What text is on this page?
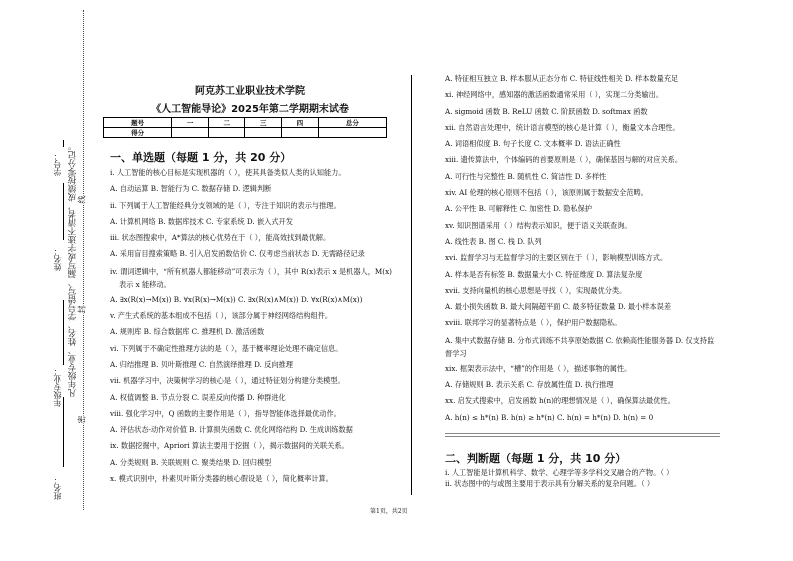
密
封
线
凡年级专业、姓名、学号错写、漏写或字迹不清者，成绩按零分记。
学号：
姓名：
年级专业：
班名：
阿克苏工业职业技术学院
《人工智能导论》2025年第二学期期末试卷
题号	一	二	三	四	总分
得分					
一、单选题（每题 1 分，共 20 分）
i. 人工智能的核心目标是实现机器的（ ），使其具备类似人类的认知能力。
A. 自动运算 B. 智能行为 C. 数据存储 D. 逻辑判断
ii. 下列属于人工智能经典分支领域的是（ ），专注于知识的表示与推理。
A. 计算机网络 B. 数据库技术 C. 专家系统 D. 嵌入式开发
iii. 状态图搜索中，A*算法的核心优势在于（ ），能高效找到最优解。
A. 采用盲目搜索策略 B. 引入启发函数估价 C. 仅考虑当前状态 D. 无需路径记录
iv. 谓词逻辑中，“所有机器人都能移动”可表示为（ ），其中 R(x)表示 x 是机器人，M(x)
表示 x 能移动。
A. ∃x(R(x)→M(x)) B. ∀x(R(x)→M(x)) C. ∃x(R(x)∧M(x)) D. ∀x(R(x)∧M(x))
v. 产生式系统的基本组成不包括（ ），该部分属于神经网络结构组件。
A. 规则库 B. 综合数据库 C. 推理机 D. 激活函数
vi. 下列属于不确定性推理方法的是（ ），基于概率理论处理不确定信息。
A. 归结推理 B. 贝叶斯推理 C. 自然演绎推理 D. 反向推理
vii. 机器学习中，决策树学习的核心是（ ），通过特征划分构建分类模型。
A. 权值调整 B. 节点分裂 C. 误差反向传播 D. 种群进化
viii. 强化学习中，Q 函数的主要作用是（ ），指导智能体选择最优动作。
A. 评估状态-动作对价值 B. 计算损失函数 C. 优化网络结构 D. 生成训练数据
ix. 数据挖掘中，Apriori 算法主要用于挖掘（ ），揭示数据间的关联关系。
A. 分类规则 B. 关联规则 C. 聚类结果 D. 回归模型
x. 模式识别中，朴素贝叶斯分类器的核心假设是（ ），简化概率计算。
A. 特征相互独立 B. 样本服从正态分布 C. 特征线性相关 D. 样本数量充足
xi. 神经网络中，感知器的激活函数通常采用（ ），实现二分类输出。
A. sigmoid 函数 B. ReLU 函数 C. 阶跃函数 D. softmax 函数
xii. 自然语言处理中，统计语言模型的核心是计算（ ），衡量文本合理性。
A. 词语相似度 B. 句子长度 C. 文本概率 D. 语法正确性
xiii. 遗传算法中，个体编码的首要原则是（ ），确保基因与解的对应关系。
A. 可行性与完整性 B. 随机性 C. 简洁性 D. 多样性
xiv. AI 伦理的核心原则不包括（ ），该原则属于数据安全范畴。
A. 公平性 B. 可解释性 C. 加密性 D. 隐私保护
xv. 知识图谱采用（ ）结构表示知识，便于语义关联查询。
A. 线性表 B. 图 C. 栈 D. 队列
xvi. 监督学习与无监督学习的主要区别在于（ ），影响模型训练方式。
A. 样本是否有标签 B. 数据量大小 C. 特征维度 D. 算法复杂度
xvii. 支持向量机的核心思想是寻找（ ），实现最优分类。
A. 最小损失函数 B. 最大间隔超平面 C. 最多特征数量 D. 最小样本误差
xviii. 联邦学习的显著特点是（ ），保护用户数据隐私。
A. 集中式数据存储 B. 分布式训练不共享原始数据 C. 依赖高性能服务器 D. 仅支持监督学习
xix. 框架表示法中，“槽”的作用是（ ），描述事物的属性。
A. 存储规则 B. 表示关系 C. 存放属性值 D. 执行推理
xx. 启发式搜索中，启发函数 h(n)的理想情况是（ ），确保算法最优性。
A. h(n) ≤ h*(n) B. h(n) ≥ h*(n) C. h(n) = h*(n) D. h(n) = 0
二、判断题（每题 1 分，共 10 分）
i. 人工智能是计算机科学、数学、心理学等多学科交叉融合的产物。（ ）
ii. 状态图中的与或图主要用于表示具有分解关系的复杂问题。（ ）
第1页，共2页
